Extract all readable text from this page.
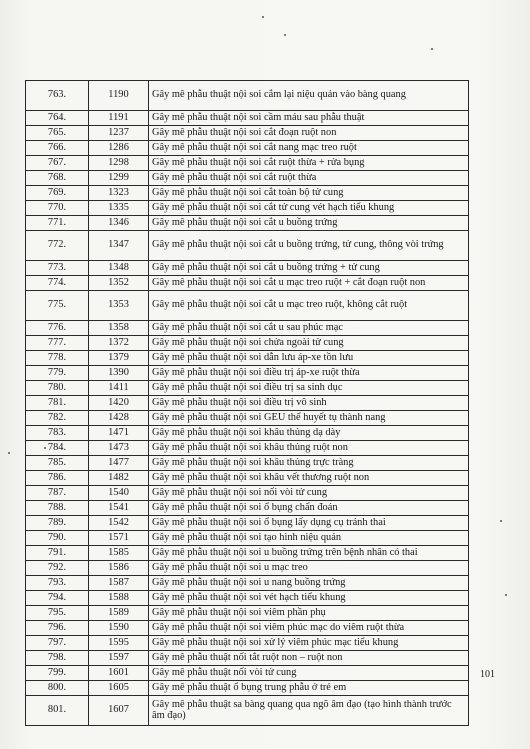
763.	1190	Gây mê phẫu thuật nội soi cắm lại niệu quản vào bàng quang
764.	1191	Gây mê phẫu thuật nội soi cầm máu sau phẫu thuật
765.	1237	Gây mê phẫu thuật nội soi cắt đoạn ruột non
766.	1286	Gây mê phẫu thuật nội soi cắt nang mạc treo ruột
767.	1298	Gây mê phẫu thuật nội soi cắt ruột thừa + rửa bụng
768.	1299	Gây mê phẫu thuật nội soi cắt ruột thừa
769.	1323	Gây mê phẫu thuật nội soi cắt toàn bộ tử cung
770.	1335	Gây mê phẫu thuật nội soi cắt tử cung vét hạch tiểu khung
771.	1346	Gây mê phẫu thuật nội soi cắt u buồng trứng
772.	1347	Gây mê phẫu thuật nội soi cắt u buồng trứng, tử cung, thông vòi trứng
773.	1348	Gây mê phẫu thuật nội soi cắt u buồng trứng + tử cung
774.	1352	Gây mê phẫu thuật nội soi cắt u mạc treo ruột + cắt đoạn ruột non
775.	1353	Gây mê phẫu thuật nội soi cắt u mạc treo ruột, không cắt ruột
776.	1358	Gây mê phẫu thuật nội soi cắt u sau phúc mạc
777.	1372	Gây mê phẫu thuật nội soi chửa ngoài tử cung
778.	1379	Gây mê phẫu thuật nội soi dẫn lưu áp-xe tồn lưu
779.	1390	Gây mê phẫu thuật nội soi điều trị áp-xe ruột thừa
780.	1411	Gây mê phẫu thuật nội soi điều trị sa sinh dục
781.	1420	Gây mê phẫu thuật nội soi điều trị vô sinh
782.	1428	Gây mê phẫu thuật nội soi GEU thể huyết tụ thành nang
783.	1471	Gây mê phẫu thuật nội soi khâu thủng dạ dày
784.	1473	Gây mê phẫu thuật nội soi khâu thủng ruột non
785.	1477	Gây mê phẫu thuật nội soi khâu thủng trực tràng
786.	1482	Gây mê phẫu thuật nội soi khâu vết thương ruột non
787.	1540	Gây mê phẫu thuật nội soi nối vòi tử cung
788.	1541	Gây mê phẫu thuật nội soi ổ bụng chẩn đoán
789.	1542	Gây mê phẫu thuật nội soi ổ bụng lấy dụng cụ tránh thai
790.	1571	Gây mê phẫu thuật nội soi tạo hình niệu quản
791.	1585	Gây mê phẫu thuật nội soi u buồng trứng trên bệnh nhân có thai
792.	1586	Gây mê phẫu thuật nội soi u mạc treo
793.	1587	Gây mê phẫu thuật nội soi u nang buồng trứng
794.	1588	Gây mê phẫu thuật nội soi vét hạch tiểu khung
795.	1589	Gây mê phẫu thuật nội soi viêm phần phụ
796.	1590	Gây mê phẫu thuật nội soi viêm phúc mạc do viêm ruột thừa
797.	1595	Gây mê phẫu thuật nội soi xử lý viêm phúc mạc tiểu khung
798.	1597	Gây mê phẫu thuật nối tắt ruột non – ruột non
799.	1601	Gây mê phẫu thuật nối vòi tử cung
800.	1605	Gây mê phẫu thuật ổ bụng trung phẫu ở trẻ em
801.	1607	Gây mê phẫu thuật sa bàng quang qua ngõ âm đạo (tạo hình thành trước âm đạo)
101
